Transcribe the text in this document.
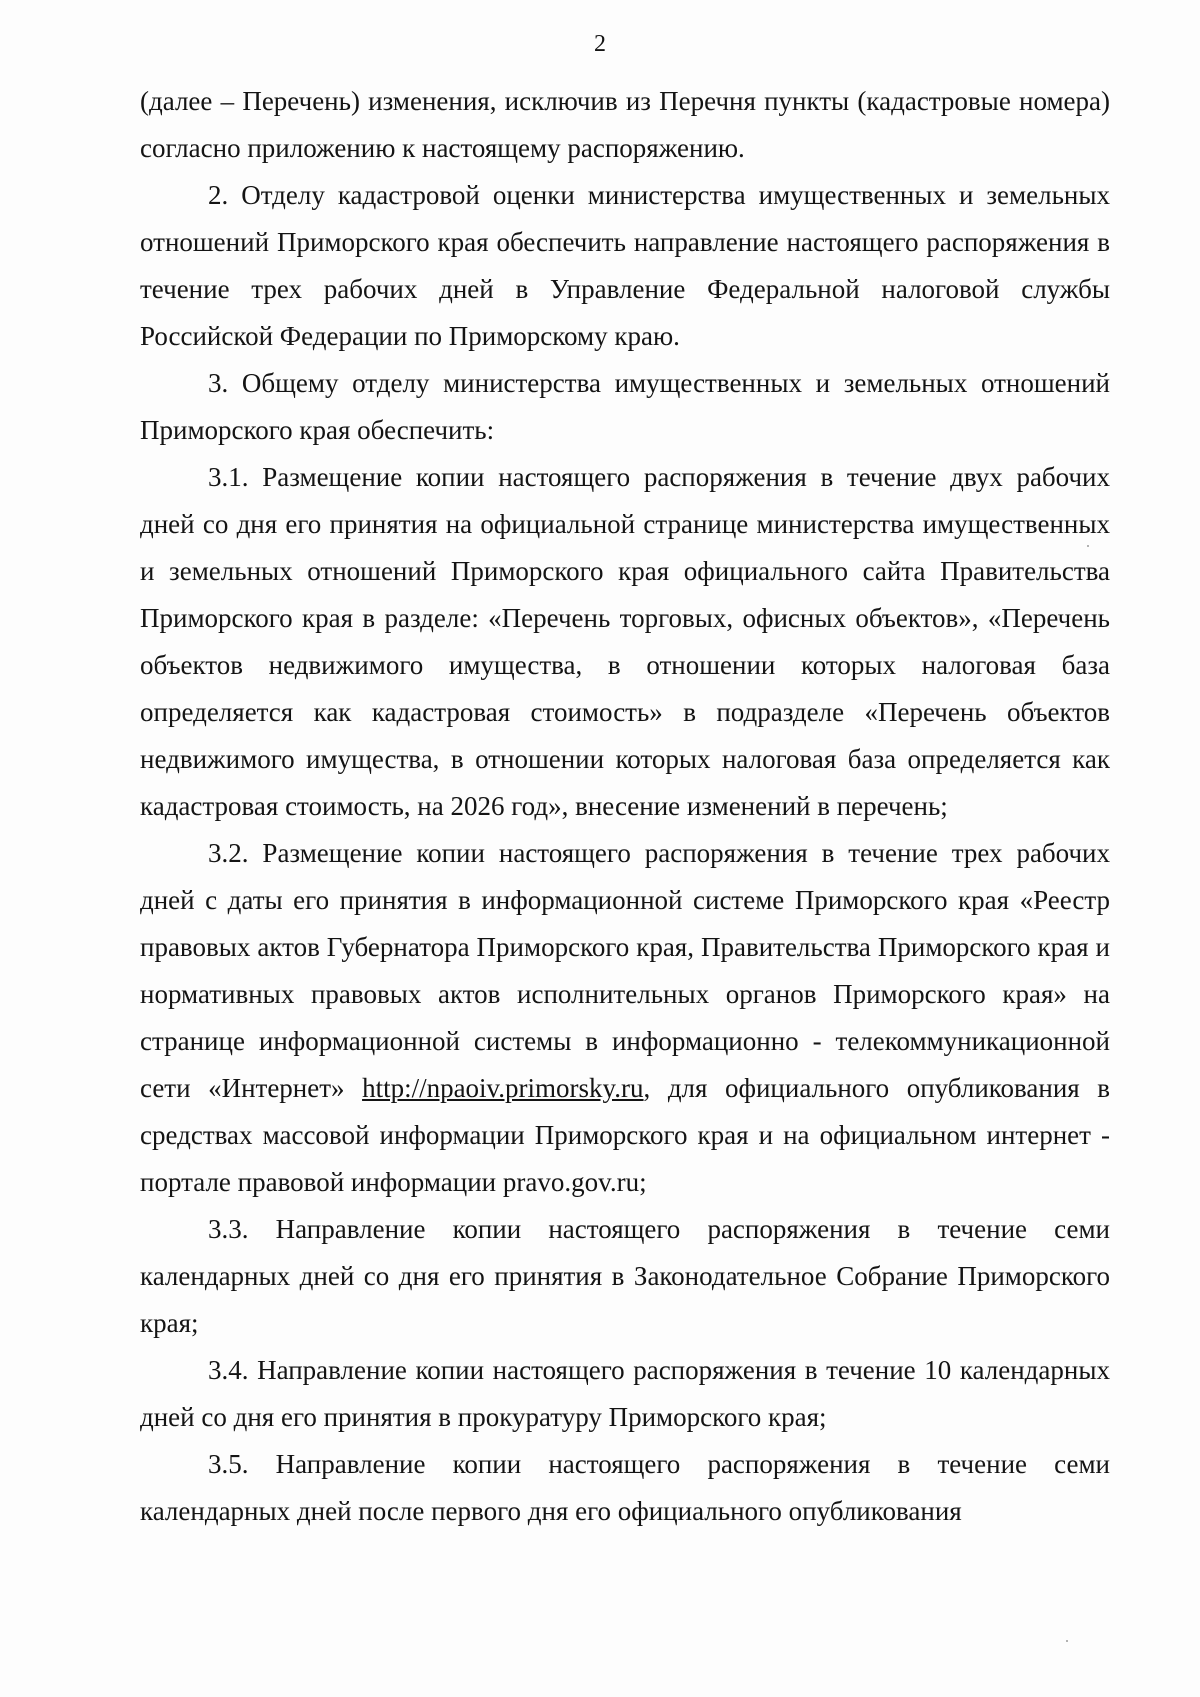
2

(далее – Перечень) изменения, исключив из Перечня пункты (кадастровые номера) согласно приложению к настоящему распоряжению.

2. Отделу кадастровой оценки министерства имущественных и земельных отношений Приморского края обеспечить направление настоящего распоряжения в течение трех рабочих дней в Управление Федеральной налоговой службы Российской Федерации по Приморскому краю.

3. Общему отделу министерства имущественных и земельных отношений Приморского края обеспечить:

3.1. Размещение копии настоящего распоряжения в течение двух рабочих дней со дня его принятия на официальной странице министерства имущественных и земельных отношений Приморского края официального сайта Правительства Приморского края в разделе: «Перечень торговых, офисных объектов», «Перечень объектов недвижимого имущества, в отношении которых налоговая база определяется как кадастровая стоимость» в подразделе «Перечень объектов недвижимого имущества, в отношении которых налоговая база определяется как кадастровая стоимость, на 2026 год», внесение изменений в перечень;

3.2. Размещение копии настоящего распоряжения в течение трех рабочих дней с даты его принятия в информационной системе Приморского края «Реестр правовых актов Губернатора Приморского края, Правительства Приморского края и нормативных правовых актов исполнительных органов Приморского края» на странице информационной системы в информационно - телекоммуникационной сети «Интернет» http://npaoiv.primorsky.ru, для официального опубликования в средствах массовой информации Приморского края и на официальном интернет - портале правовой информации pravo.gov.ru;

3.3. Направление копии настоящего распоряжения в течение семи календарных дней со дня его принятия в Законодательное Собрание Приморского края;

3.4. Направление копии настоящего распоряжения в течение 10 календарных дней со дня его принятия в прокуратуру Приморского края;

3.5. Направление копии настоящего распоряжения в течение семи календарных дней после первого дня его официального опубликования
